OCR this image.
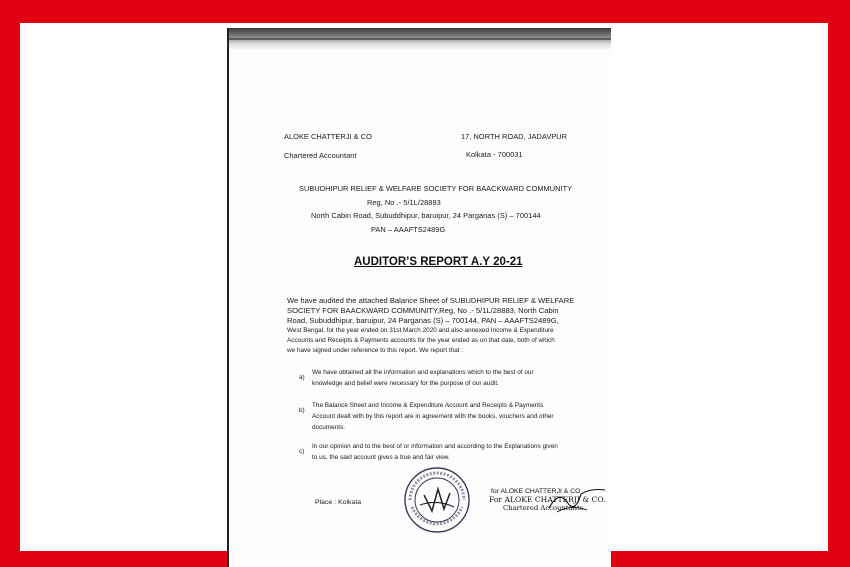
ALOKE CHATTERJI & CO
Chartered Accountant
17, NORTH ROAD, JADAVPUR
Kolkata - 700031
SUBUDHIPUR RELIEF & WELFARE SOCIETY FOR BAACKWARD COMMUNITY
Reg, No .- 5/1L/28883
North Cabin Road, Subuddhipur, baruipur, 24 Parganas (S) – 700144
PAN – AAAFTS2489G
AUDITOR’S REPORT A.Y 20-21
We have audited the attached Balance Sheet of SUBUDHIPUR RELIEF & WELFARE
SOCIETY FOR BAACKWARD COMMUNITY,Reg, No .- 5/1L/28883, North Cabin
Road, Subuddhipur, baruipur, 24 Parganas (S) – 700144, PAN – AAAFTS2489G,
West Bengal, for the year ended on 31st March 2020 and also annexed Income & Expenditure
Accounts and Receipts & Payments accounts for the year ended as on that date, both of which
we have signed under reference to this report. We report that :
a)
We have obtained all the information and explanations which to the best of our
knowledge and belief were necessary for the purpose of our audit.
b)
The Balance Sheet and Income & Expenditure Account and Receipts & Payments
Account dealt with by this report are in agreement with the books, vouchers and other
documents.
c)
In our opinion and to the best of or information and according to the Explanations given
to us, the said account gives a true and fair view.
Place : Kolkata
for ALOKE CHATTERJI & CO
For ALOKE CHATTERJI & CO.
Chartered Accountants
